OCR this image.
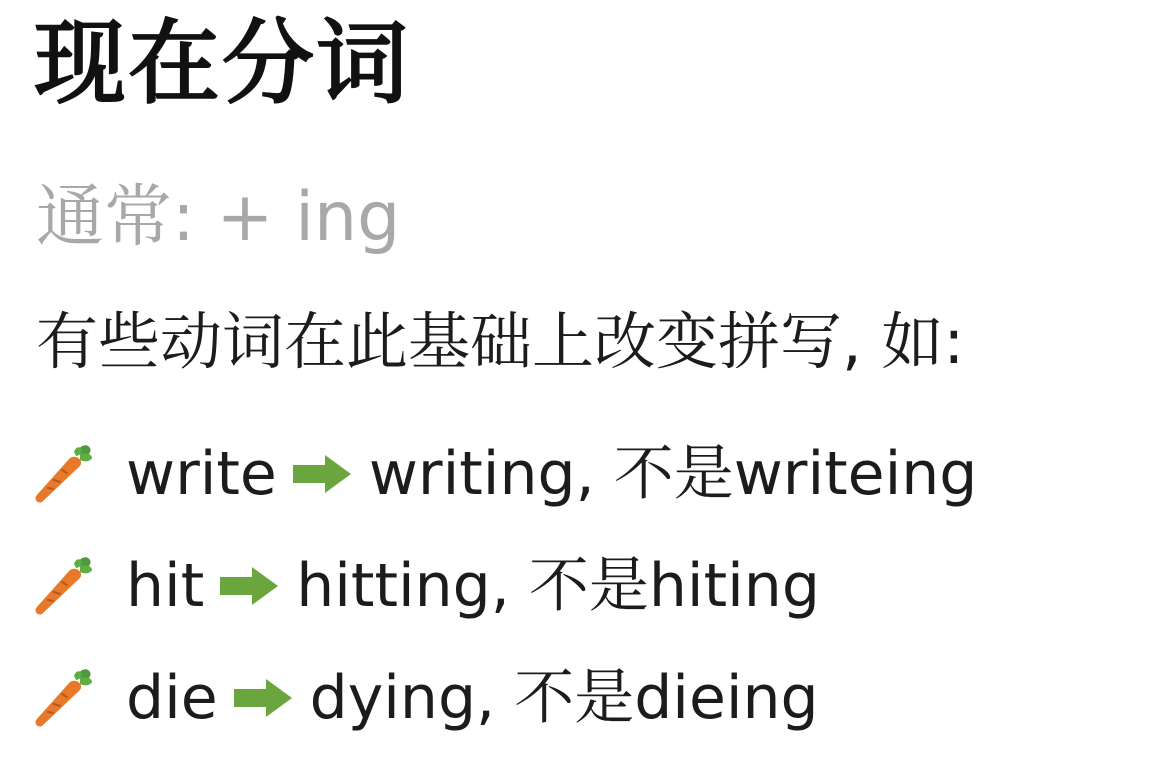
现在分词
通常: + ing
有些动词在此基础上改变拼写, 如:
write writing, 不是writeing
hit hitting, 不是hiting
die dying, 不是dieing
